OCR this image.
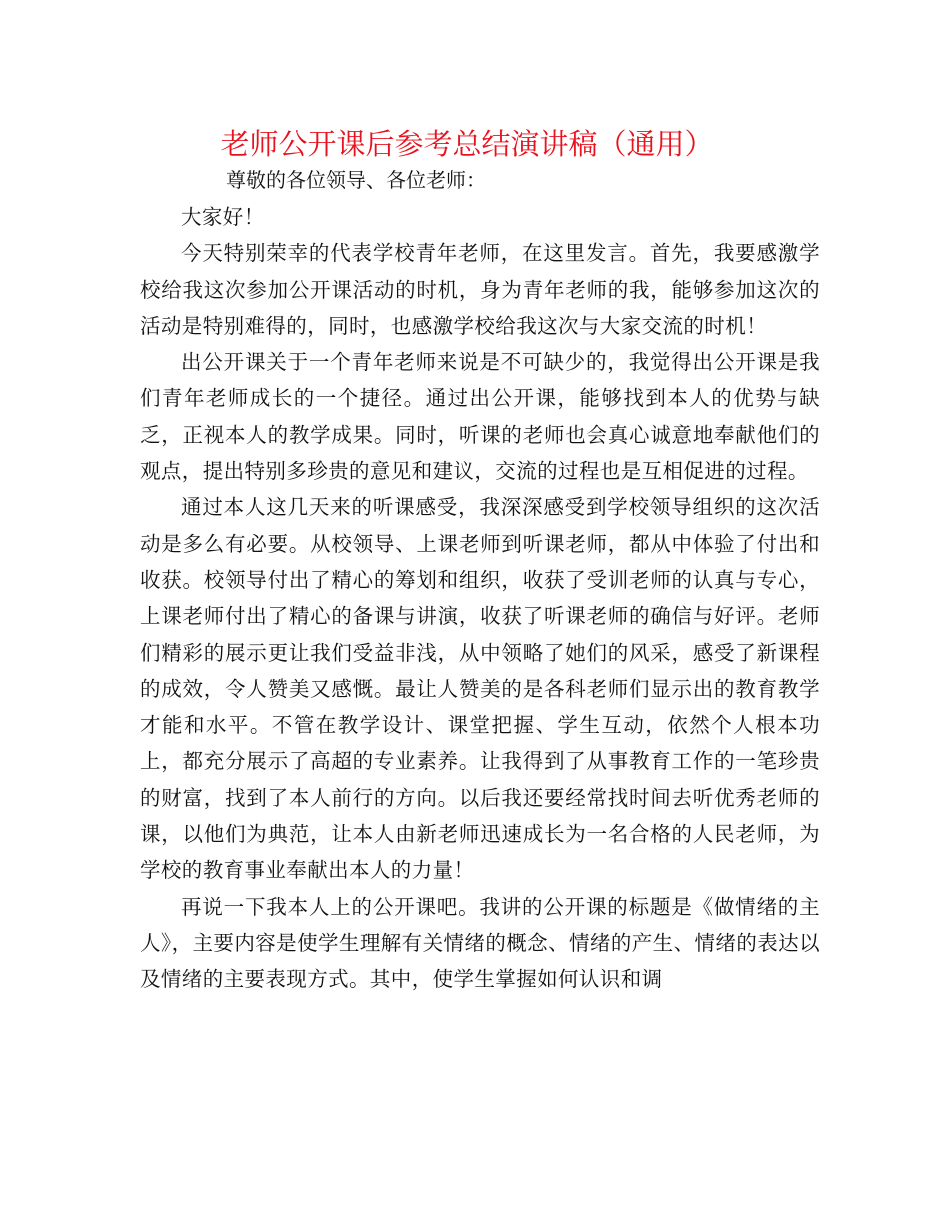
老师公开课后参考总结演讲稿（通用）
尊敬的各位领导、各位老师：

大家好！

今天特别荣幸的代表学校青年老师，在这里发言。首先，我要感激学校给我这次参加公开课活动的时机，身为青年老师的我，能够参加这次的活动是特别难得的，同时，也感激学校给我这次与大家交流的时机！

出公开课关于一个青年老师来说是不可缺少的，我觉得出公开课是我们青年老师成长的一个捷径。通过出公开课，能够找到本人的优势与缺乏，正视本人的教学成果。同时，听课的老师也会真心诚意地奉献他们的观点，提出特别多珍贵的意见和建议，交流的过程也是互相促进的过程。

通过本人这几天来的听课感受，我深深感受到学校领导组织的这次活动是多么有必要。从校领导、上课老师到听课老师，都从中体验了付出和收获。校领导付出了精心的筹划和组织，收获了受训老师的认真与专心，上课老师付出了精心的备课与讲演，收获了听课老师的确信与好评。老师们精彩的展示更让我们受益非浅，从中领略了她们的风采，感受了新课程的成效，令人赞美又感慨。最让人赞美的是各科老师们显示出的教育教学才能和水平。不管在教学设计、课堂把握、学生互动，依然个人根本功上，都充分展示了高超的专业素养。让我得到了从事教育工作的一笔珍贵的财富，找到了本人前行的方向。以后我还要经常找时间去听优秀老师的课，以他们为典范，让本人由新老师迅速成长为一名合格的人民老师，为学校的教育事业奉献出本人的力量！

再说一下我本人上的公开课吧。我讲的公开课的标题是《做情绪的主人》，主要内容是使学生理解有关情绪的概念、情绪的产生、情绪的表达以及情绪的主要表现方式。其中，使学生掌握如何认识和调
